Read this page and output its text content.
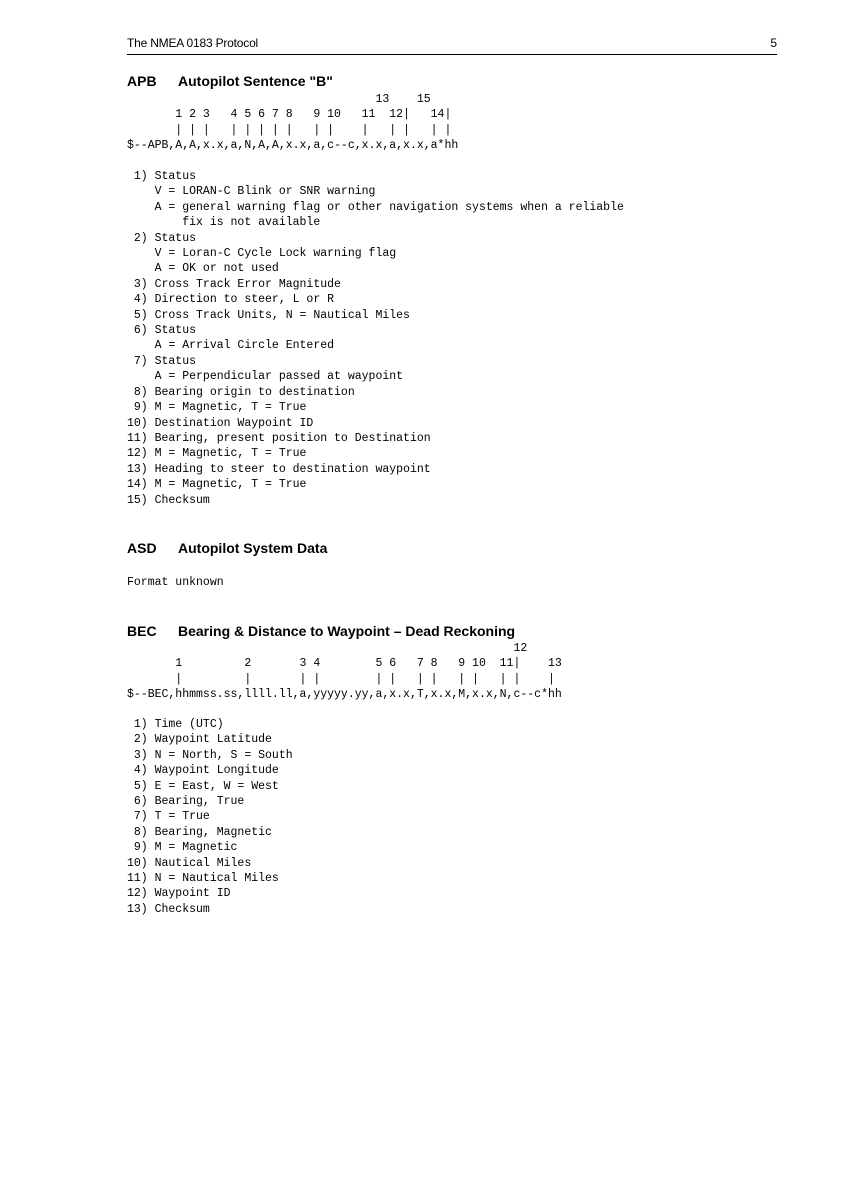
The NMEA 0183 Protocol	5
APB Autopilot Sentence "B"
13    15
1 2 3   4 5 6 7 8   9 10   11  12|   14|
| | |   | | | | |   | |    |   | |   | |
$--APB,A,A,x.x,a,N,A,A,x.x,a,c--c,x.x,a,x.x,a*hh
1) Status
V = LORAN-C Blink or SNR warning
A = general warning flag or other navigation systems when a reliable
fix is not available
2) Status
V = Loran-C Cycle Lock warning flag
A = OK or not used
3) Cross Track Error Magnitude
4) Direction to steer, L or R
5) Cross Track Units, N = Nautical Miles
6) Status
A = Arrival Circle Entered
7) Status
A = Perpendicular passed at waypoint
8) Bearing origin to destination
9) M = Magnetic, T = True
10) Destination Waypoint ID
11) Bearing, present position to Destination
12) M = Magnetic, T = True
13) Heading to steer to destination waypoint
14) M = Magnetic, T = True
15) Checksum
ASD Autopilot System Data
Format unknown
BEC Bearing & Distance to Waypoint – Dead Reckoning
12
1         2       3 4        5 6   7 8   9 10  11|    13
|         |       | |        | |   | |   | |   | |    |
$--BEC,hhmmss.ss,llll.ll,a,yyyyy.yy,a,x.x,T,x.x,M,x.x,N,c--c*hh
1) Time (UTC)
2) Waypoint Latitude
3) N = North, S = South
4) Waypoint Longitude
5) E = East, W = West
6) Bearing, True
7) T = True
8) Bearing, Magnetic
9) M = Magnetic
10) Nautical Miles
11) N = Nautical Miles
12) Waypoint ID
13) Checksum
